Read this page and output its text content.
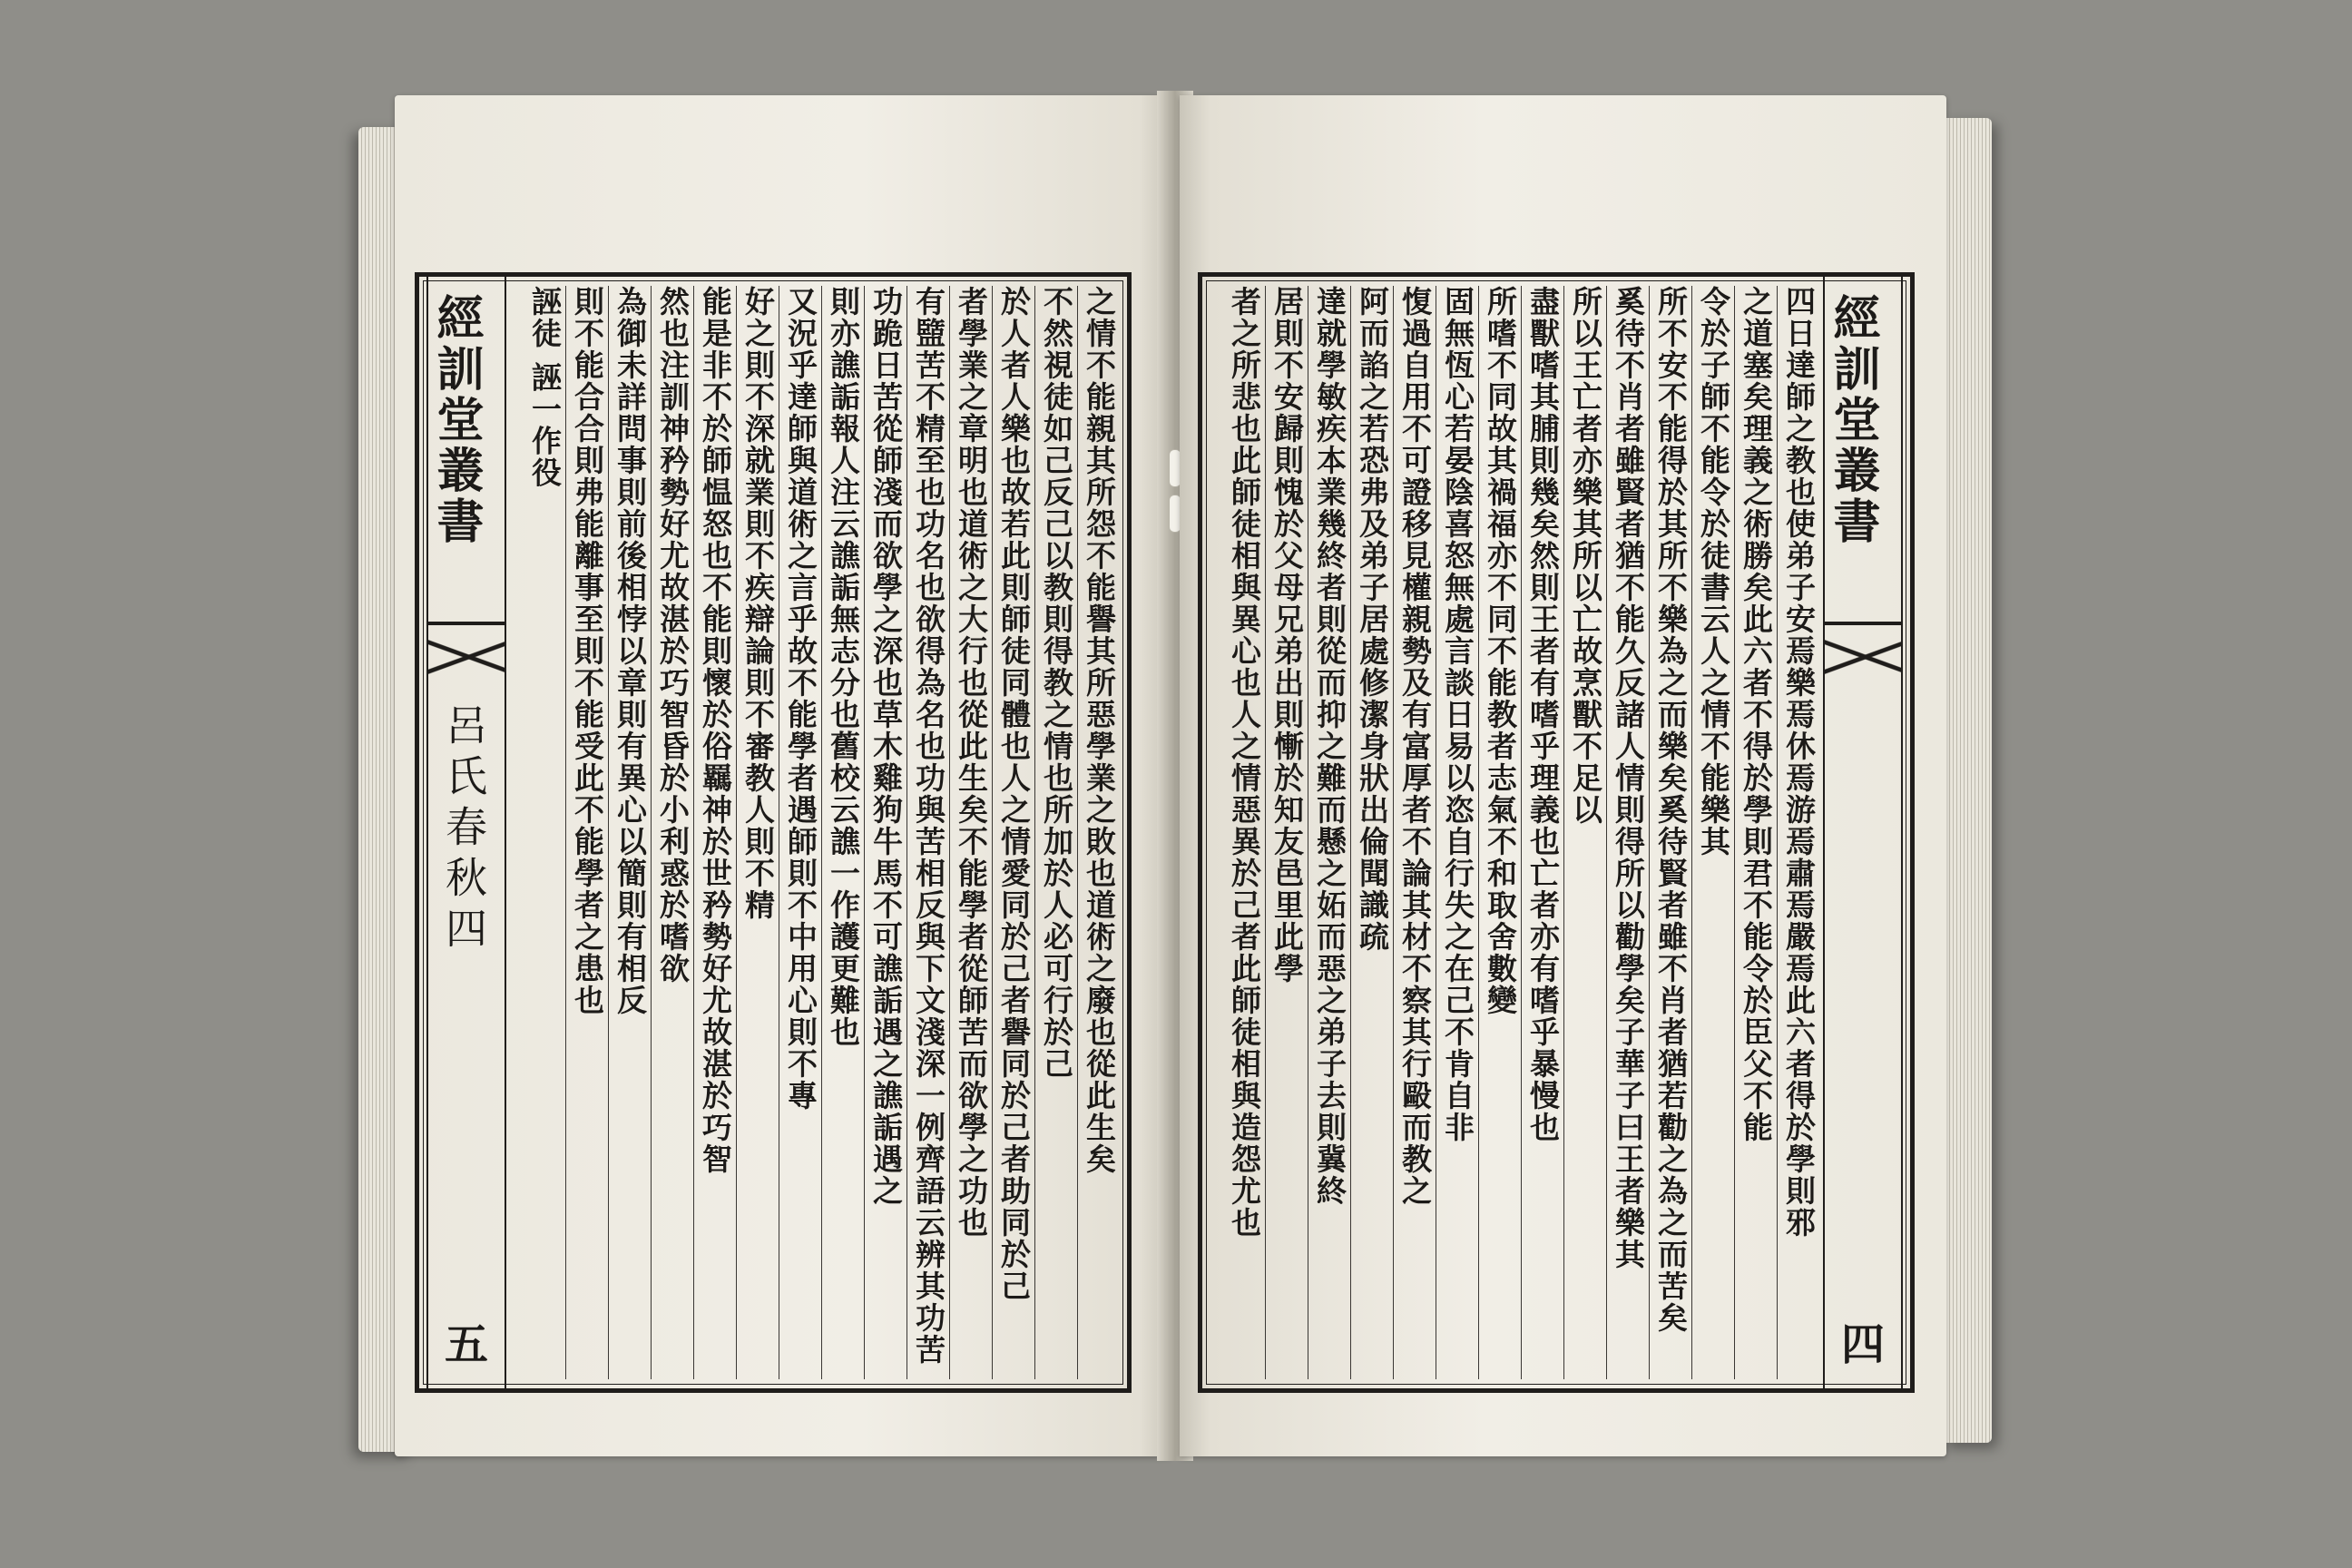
經訓堂叢書
呂氏春秋四
五
之情不能親其所怨不能譽其所惡學業之敗也道術之廢也從此生矣
不然視徒如己反己以教則得教之情也所加於人必可行於己
於人者人樂也故若此則師徒同體也人之情愛同於己者譽同於己者助同於己
者學業之章明也道術之大行也從此生矣不能學者從師苦而欲學之功也
有盬苦不精至也功名也欲得為名也功與苦相反與下文淺深一例齊語云辨其功苦
功跪日苦從師淺而欲學之深也草木雞狗牛馬不可譙詬遇之譙詬遇之
則亦譙詬報人注云譙詬無志分也舊校云譙一作護更難也
又況乎達師與道術之言乎故不能學者遇師則不中用心則不專
好之則不深就業則不疾辯論則不審教人則不精
能是非不於師愠怒也不能則懷於俗羈神於世矜勢好尤故湛於巧智
然也注訓神矜勢好尤故湛於巧智昏於小利惑於嗜欲
為御未詳問事則前後相悖以章則有異心以簡則有相反
則不能合合則弗能離事至則不能受此不能學者之患也
誣徒 誣一作役	四日達師之教也使弟子安焉樂焉休焉游焉肅焉嚴焉此六者得於學則邪
之道塞矣理義之術勝矣此六者不得於學則君不能令於臣父不能
令於子師不能令於徒書云人之情不能樂其
所不安不能得於其所不樂為之而樂矣奚待賢者雖不肖者猶若勸之為之而苦矣
奚待不肖者雖賢者猶不能久反諸人情則得所以勸學矣子華子曰王者樂其
所以王亡者亦樂其所以亡故烹獸不足以
盡獸嗜其脯則幾矣然則王者有嗜乎理義也亡者亦有嗜乎暴慢也
所嗜不同故其禍福亦不同不能教者志氣不和取舍數變
固無恆心若晏陰喜怒無處言談日易以恣自行失之在己不肯自非
愎過自用不可證移見權親勢及有富厚者不論其材不察其行毆而教之
阿而諂之若恐弗及弟子居處修潔身狀出倫聞識疏
達就學敏疾本業幾終者則從而抑之難而懸之妬而惡之弟子去則冀終
居則不安歸則愧於父母兄弟出則慚於知友邑里此學
者之所悲也此師徒相與異心也人之情惡異於己者此師徒相與造怨尤也	經訓堂叢書
四
